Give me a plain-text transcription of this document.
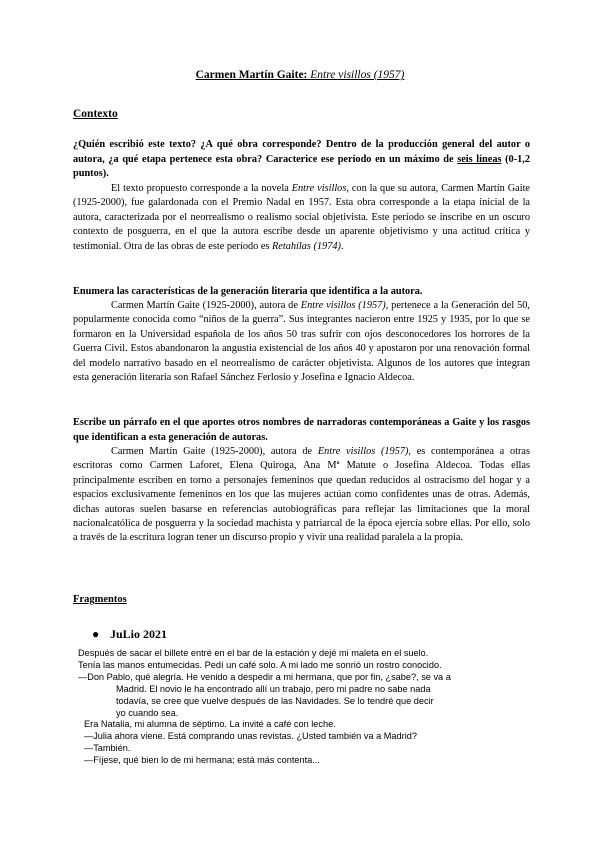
Carmen Martín Gaite: Entre visillos (1957)
Contexto
¿Quién escribió este texto? ¿A qué obra corresponde? Dentro de la producción general del autor o autora, ¿a qué etapa pertenece esta obra? Caracterice ese periodo en un máximo de seis líneas (0-1,2 puntos).
El texto propuesto corresponde a la novela Entre visillos, con la que su autora, Carmen Martín Gaite (1925-2000), fue galardonada con el Premio Nadal en 1957. Esta obra corresponde a la etapa inicial de la autora, caracterizada por el neorrealismo o realismo social objetivista. Este período se inscribe en un oscuro contexto de posguerra, en el que la autora escribe desde un aparente objetivismo y una actitud crítica y testimonial. Otra de las obras de este período es Retahílas (1974).
Enumera las características de la generación literaria que identifica a la autora.
Carmen Martín Gaite (1925-2000), autora de Entre visillos (1957), pertenece a la Generación del 50, popularmente conocida como “niños de la guerra”. Sus integrantes nacieron entre 1925 y 1935, por lo que se formaron en la Universidad española de los años 50 tras sufrir con ojos desconocedores los horrores de la Guerra Civil. Estos abandonaron la angustia existencial de los años 40 y apostaron por una renovación formal del modelo narrativo basado en el neorrealismo de carácter objetivista. Algunos de los autores que integran esta generación literaria son Rafael Sánchez Ferlosio y Josefina e Ignacio Aldecoa.
Escribe un párrafo en el que aportes otros nombres de narradoras contemporáneas a Gaite y los rasgos que identifican a esta generación de autoras.
Carmen Martín Gaite (1925-2000), autora de Entre visillos (1957), es contemporánea a otras escritoras como Carmen Laforet, Elena Quiroga, Ana Mª Matute o Josefina Aldecoa. Todas ellas principalmente escriben en torno a personajes femeninos que quedan reducidos al ostracismo del hogar y a espacios exclusivamente femeninos en los que las mujeres actúan como confidentes unas de otras. Además, dichas autoras suelen basarse en referencias autobiográficas para reflejar las limitaciones que la moral nacionalcatólica de posguerra y la sociedad machista y patriarcal de la época ejercía sobre ellas. Por ello, solo a través de la escritura logran tener un discurso propio y vivir una realidad paralela a la propia.
Fragmentos
● JuLio 2021
Después de sacar el billete entré en el bar de la estación y dejé mi maleta en el suelo.
Tenía las manos entumecidas. Pedí un café solo. A mi lado me sonrió un rostro conocido.
—Don Pablo, qué alegría. He venido a despedir a mi hermana, que por fin, ¿sabe?, se va a
Madrid. El novio le ha encontrado allí un trabajo, pero mi padre no sabe nada
todavía, se cree que vuelve después de las Navidades. Se lo tendré que decir
yo cuando sea.
Era Natalia, mi alumna de séptimo. La invité a café con leche.
—Julia ahora viene. Está comprando unas revistas. ¿Usted también va a Madrid?
—También.
—Fíjese, qué bien lo de mi hermana; está más contenta...
